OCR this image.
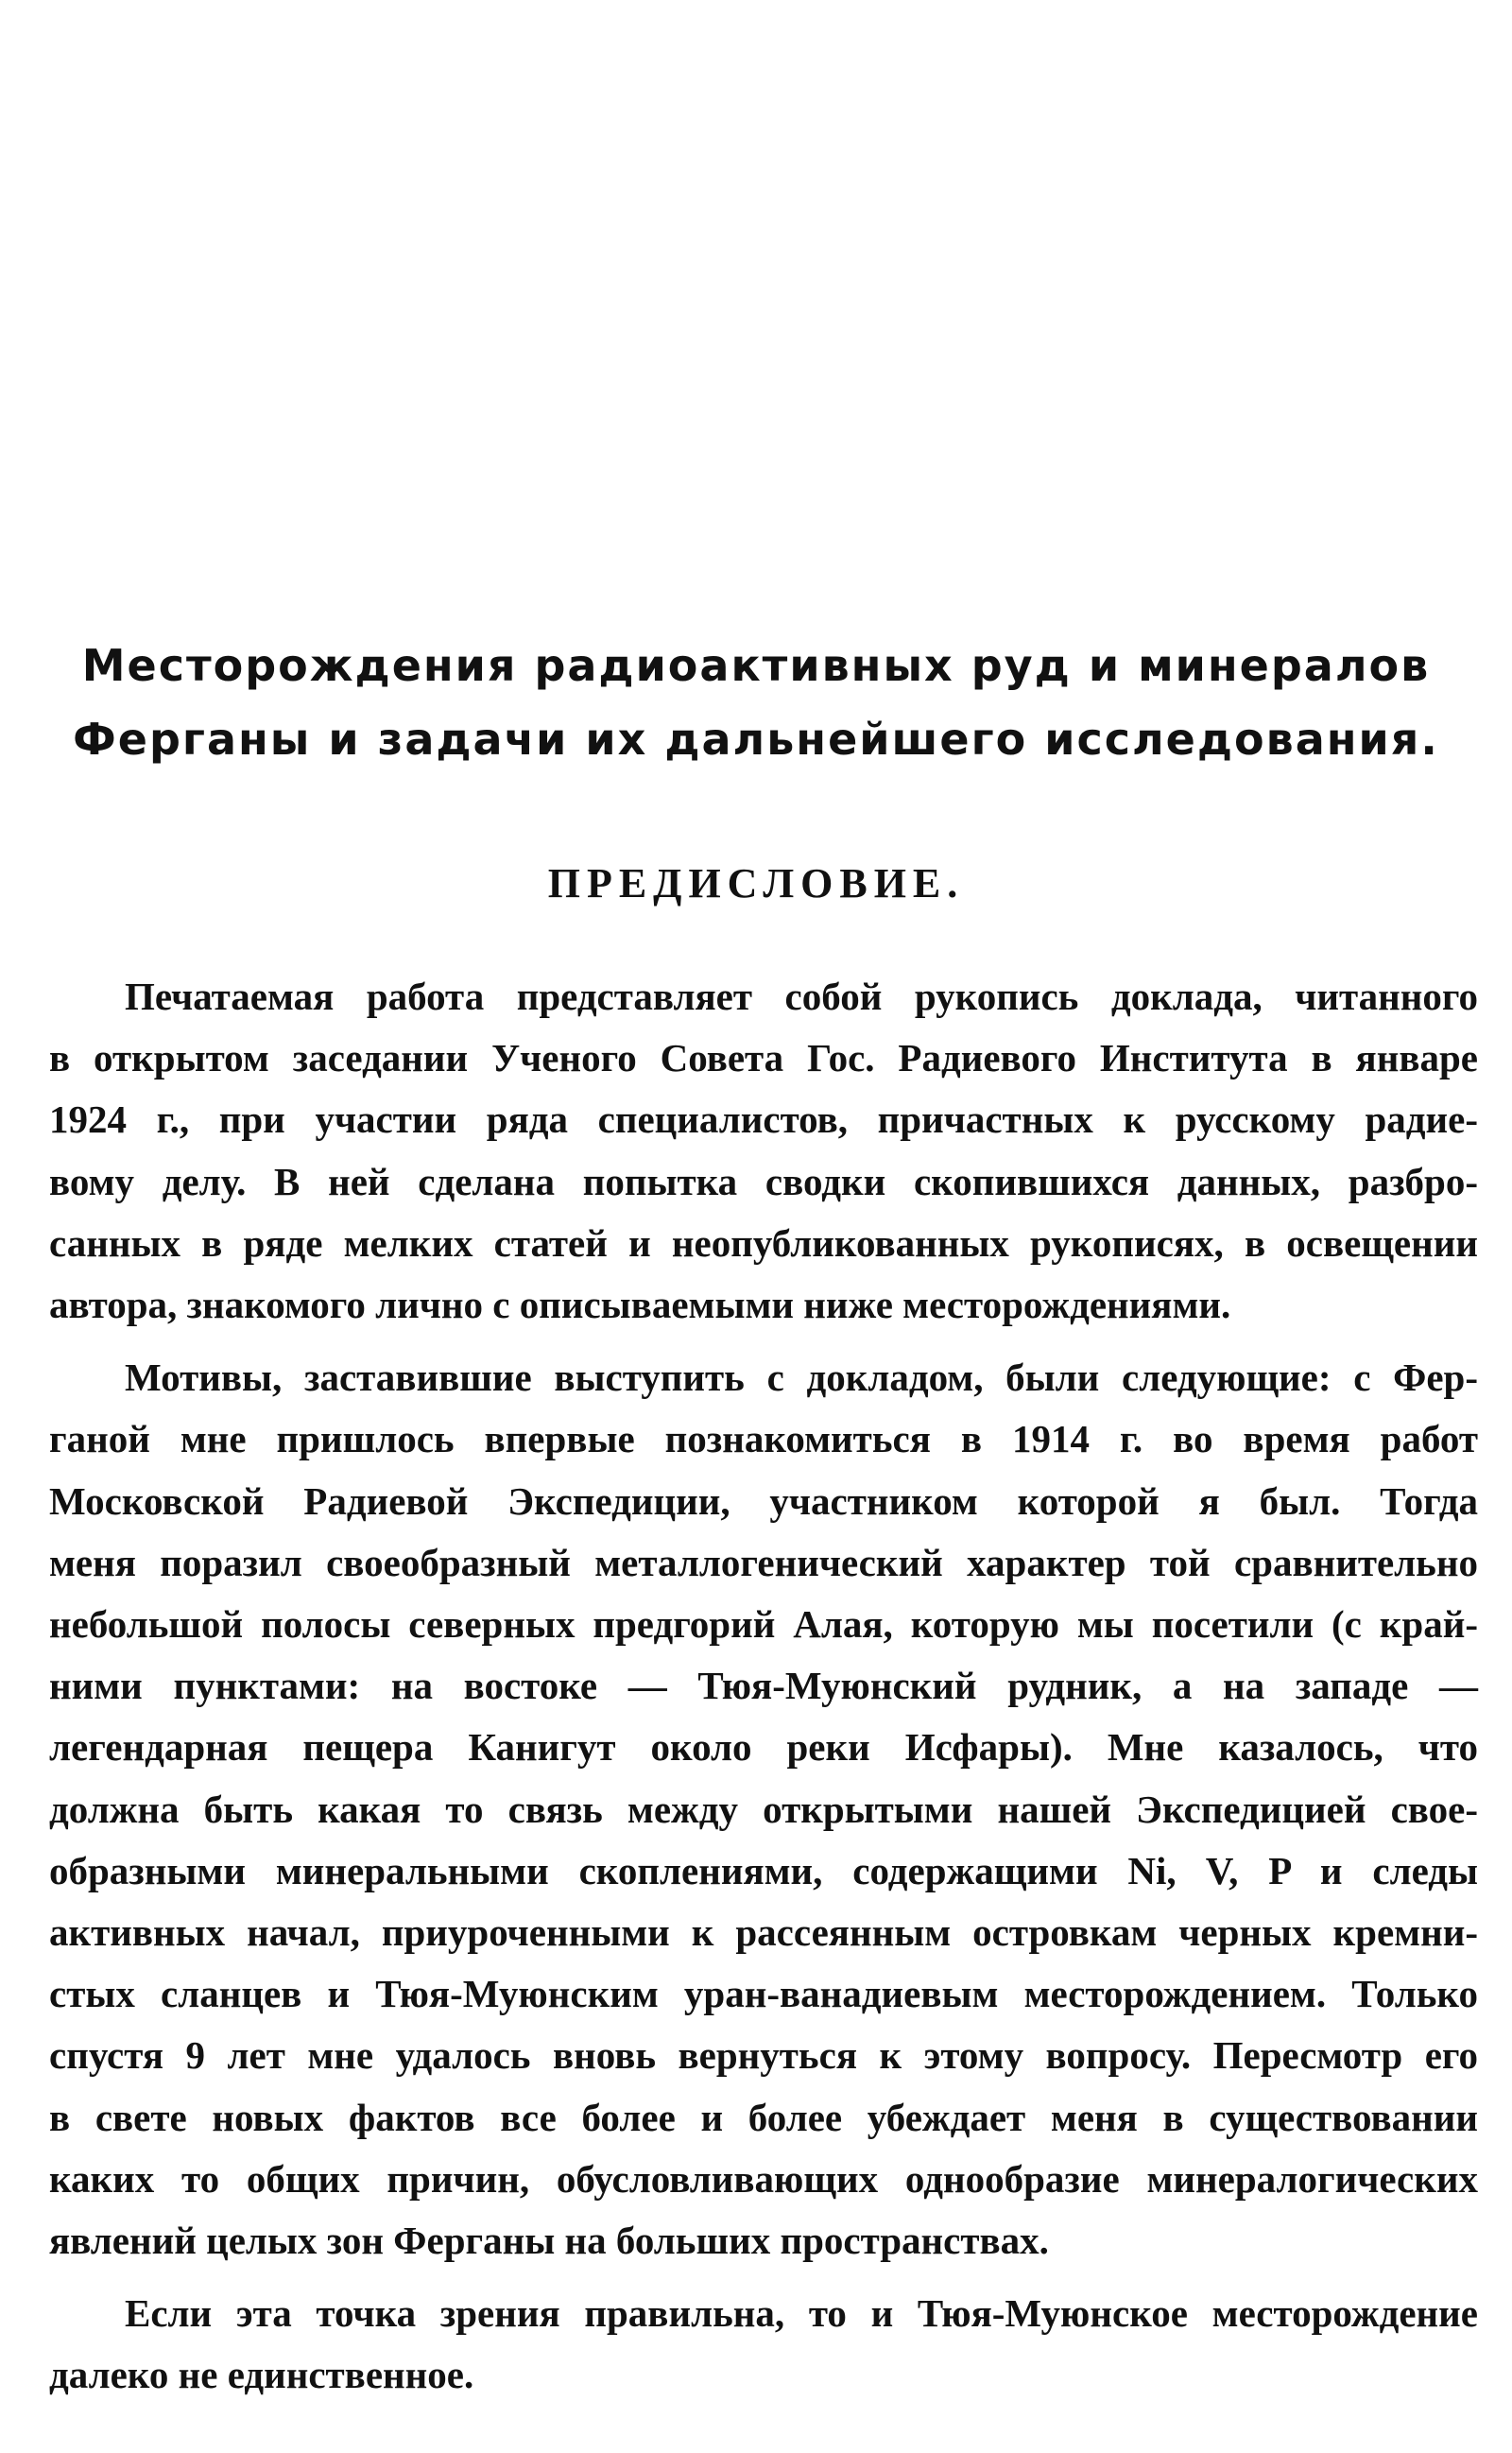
Месторождения радиоактивных руд и минералов
Ферганы и задачи их дальнейшего исследования.
ПРЕДИСЛОВИЕ.

Печатаемая работа представляет собой рукопись доклада, читанного
в открытом заседании Ученого Совета Гос. Радиевого Института в январе
1924 г., при участии ряда специалистов, причастных к русскому радие-
вому делу. В ней сделана попытка сводки скопившихся данных, разбро-
санных в ряде мелких статей и неопубликованных рукописях, в освещении
автора, знакомого лично с описываемыми ниже месторождениями.

Мотивы, заставившие выступить с докладом, были следующие: с Фер-
ганой мне пришлось впервые познакомиться в 1914 г. во время работ
Московской Радиевой Экспедиции, участником которой я был. Тогда
меня поразил своеобразный металлогенический характер той сравнительно
небольшой полосы северных предгорий Алая, которую мы посетили (с край-
ними пунктами: на востоке — Тюя-Муюнский рудник, а на западе —
легендарная пещера Канигут около реки Исфары). Мне казалось, что
должна быть какая то связь между открытыми нашей Экспедицией свое-
образными минеральными скоплениями, содержащими Ni, V, P и следы
активных начал, приуроченными к рассеянным островкам черных кремни-
стых сланцев и Тюя-Муюнским уран-ванадиевым месторождением. Только
спустя 9 лет мне удалось вновь вернуться к этому вопросу. Пересмотр его
в свете новых фактов все более и более убеждает меня в существовании
каких то общих причин, обусловливающих однообразие минералогических
явлений целых зон Ферганы на больших пространствах.

Если эта точка зрения правильна, то и Тюя-Муюнское месторождение
далеко не единственное.
